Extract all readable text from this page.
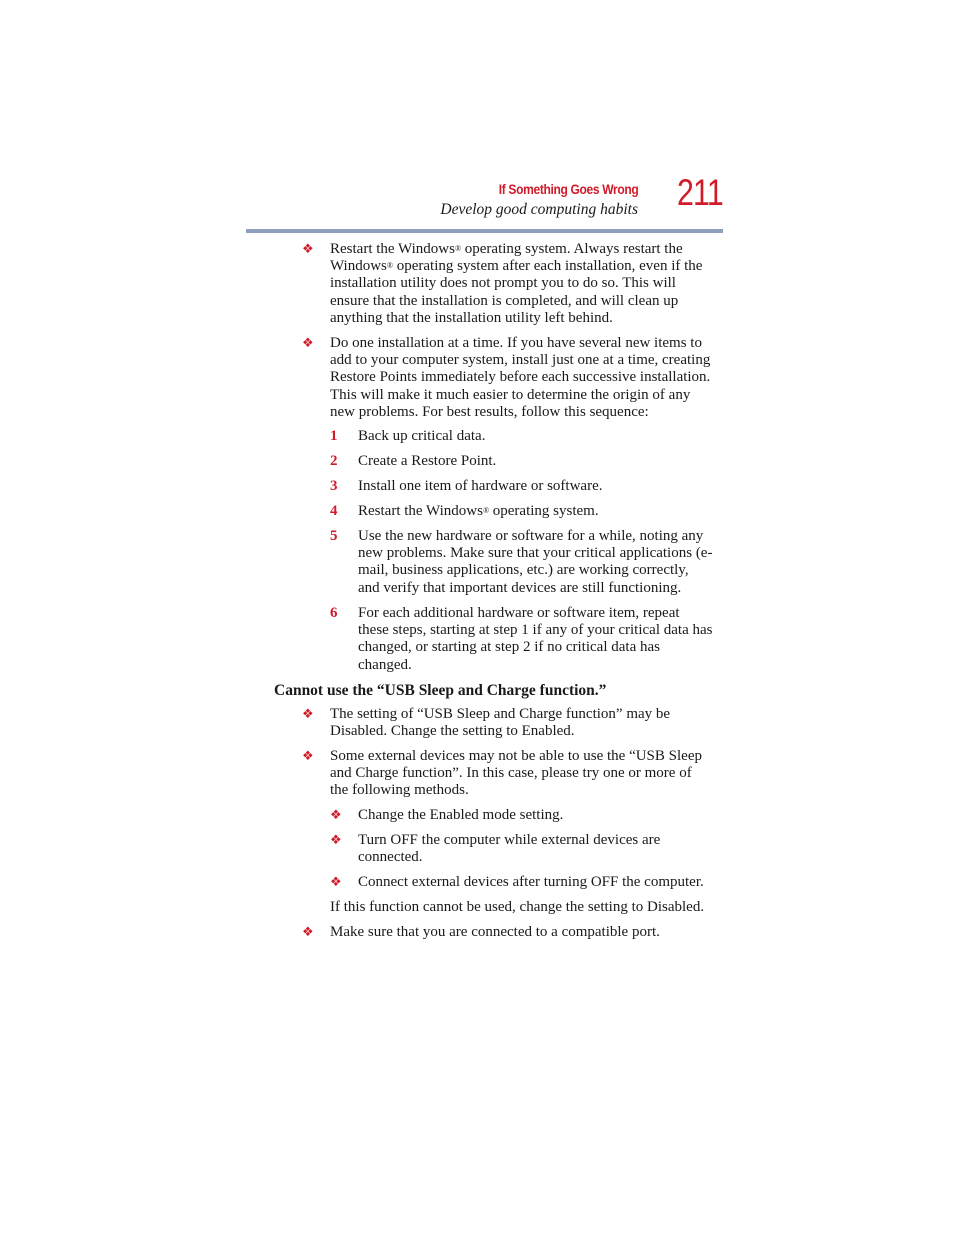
If Something Goes Wrong
Develop good computing habits 211
❖ Restart the Windows® operating system. Always restart the
Windows® operating system after each installation, even if the
installation utility does not prompt you to do so. This will
ensure that the installation is completed, and will clean up
anything that the installation utility left behind.
❖ Do one installation at a time. If you have several new items to
add to your computer system, install just one at a time, creating
Restore Points immediately before each successive installation.
This will make it much easier to determine the origin of any
new problems. For best results, follow this sequence:
1 Back up critical data.
2 Create a Restore Point.
3 Install one item of hardware or software.
4 Restart the Windows® operating system.
5 Use the new hardware or software for a while, noting any
new problems. Make sure that your critical applications (e-
mail, business applications, etc.) are working correctly,
and verify that important devices are still functioning.
6 For each additional hardware or software item, repeat
these steps, starting at step 1 if any of your critical data has
changed, or starting at step 2 if no critical data has
changed.
Cannot use the “USB Sleep and Charge function.”
❖ The setting of “USB Sleep and Charge function” may be
Disabled. Change the setting to Enabled.
❖ Some external devices may not be able to use the “USB Sleep
and Charge function”. In this case, please try one or more of
the following methods.
❖ Change the Enabled mode setting.
❖ Turn OFF the computer while external devices are
connected.
❖ Connect external devices after turning OFF the computer.
If this function cannot be used, change the setting to Disabled.
❖ Make sure that you are connected to a compatible port.
